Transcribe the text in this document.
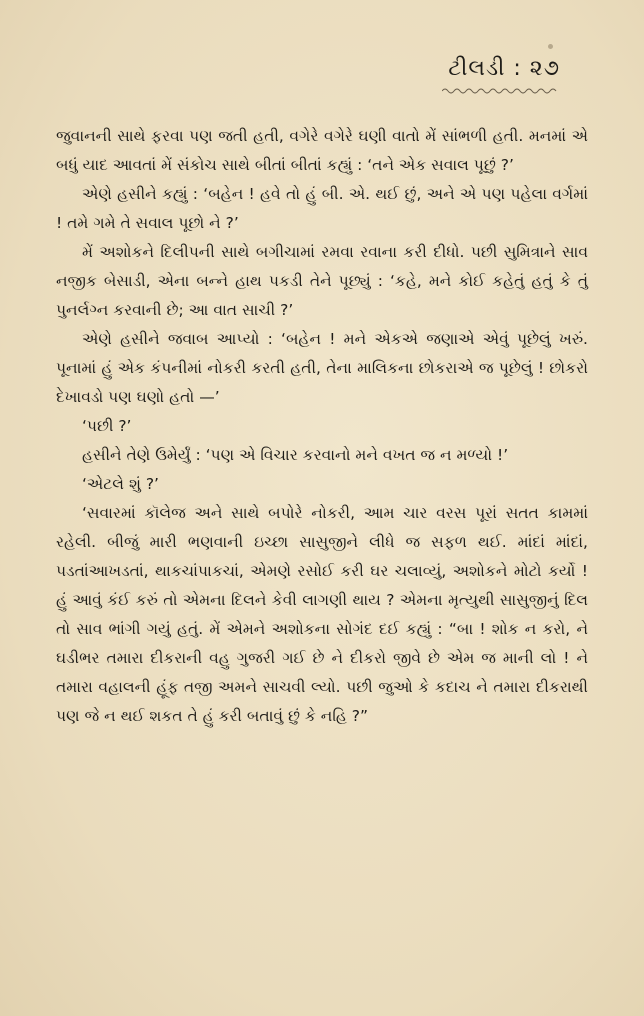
ટીલડી : ૨૭

જુવાનની સાથે ફરવા પણ જતી હતી, વગેરે વગેરે ઘણી વાતો મેં સાંભળી હતી. મનમાં એ બધું યાદ આવતાં મેં સંકોચ સાથે બીતાં બીતાં કહ્યું : ‘તને એક સવાલ પૂછું ?’

એણે હસીને કહ્યું : ‘બહેન ! હવે તો હું બી. એ. થઈ છું, અને એ પણ પહેલા વર્ગમાં ! તમે ગમે તે સવાલ પૂછો ને ?’

મેં અશોકને દિલીપની સાથે બગીચામાં રમવા રવાના કરી દીધો. પછી સુમિત્રાને સાવ નજીક બેસાડી, એના બન્ને હાથ પકડી તેને પૂછ્યું : ‘કહે, મને કોઈ કહેતું હતું કે તું પુનર્લગ્ન કરવાની છે; આ વાત સાચી ?’

એણે હસીને જવાબ આપ્યો : ‘બહેન ! મને એકએ જણાએ એવું પૂછેલું ખરું. પૂનામાં હું એક કંપનીમાં નોકરી કરતી હતી, તેના માલિકના છોકરાએ જ પૂછેલું ! છોકરો દેખાવડો પણ ઘણો હતો —’

‘પછી ?’

હસીને તેણે ઉમેર્યું : ‘પણ એ વિચાર કરવાનો મને વખત જ ન મળ્યો !’

‘એટલે શું ?’

‘સવારમાં કૉલેજ અને સાથે બપોરે નોકરી, આમ ચાર વરસ પૂરાં સતત કામમાં રહેલી. બીજું મારી ભણવાની ઇચ્છા સાસુજીને લીધે જ સફળ થઈ. માંદાં માંદાં, પડતાંઆખડતાં, થાકચાંપાકચાં, એમણે રસોઈ કરી ઘર ચલાવ્યું, અશોકને મોટો કર્યો ! હું આવું કંઈ કરું તો એમના દિલને કેવી લાગણી થાય ? એમના મૃત્યુથી સાસુજીનું દિલ તો સાવ ભાંગી ગયું હતું. મેં એમને અશોકના સોગંદ દઈ કહ્યું : “બા ! શોક ન કરો, ને ઘડીભર તમારા દીકરાની વહુ ગુજરી ગઈ છે ને દીકરો જીવે છે એમ જ માની લો ! ને તમારા વહાલની હૂંફ તજી અમને સાચવી લ્યો. પછી જુઓ કે કદાચ ને તમારા દીકરાથી પણ જે ન થઈ શકત તે હું કરી બતાવું છું કે નહિ ?”
